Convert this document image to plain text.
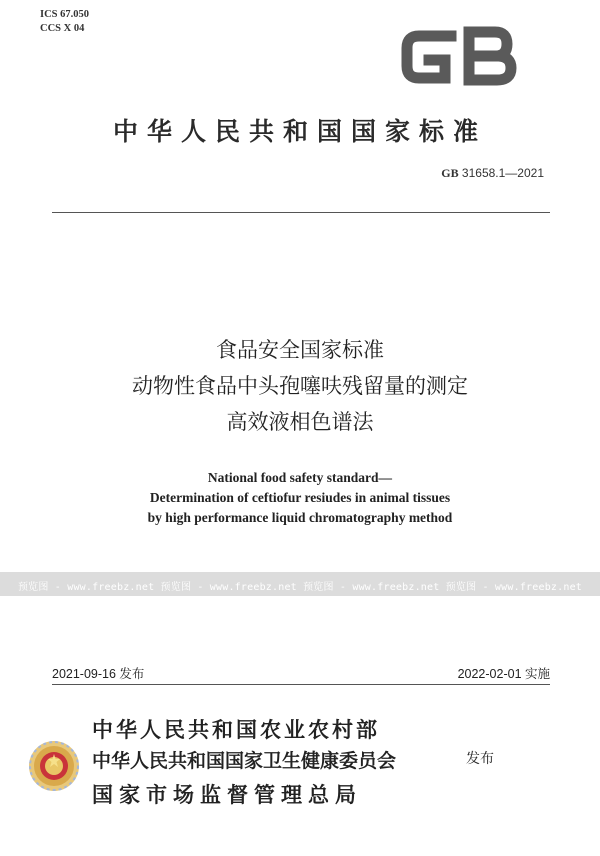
ICS 67.050
CCS X 04
中华人民共和国国家标准
GB 31658.1—2021
食品安全国家标准
动物性食品中头孢噻呋残留量的测定
高效液相色谱法
National food safety standard—
Determination of ceftiofur resiudes in animal tissues
by high performance liquid chromatography method
预览图 - www.freebz.net 预览图 - www.freebz.net 预览图 - www.freebz.net 预览图 - www.freebz.net
2021-09-16 发布	2022-02-01 实施
中华人民共和国农业农村部
中华人民共和国国家卫生健康委员会
国家市场监督管理总局
发布
